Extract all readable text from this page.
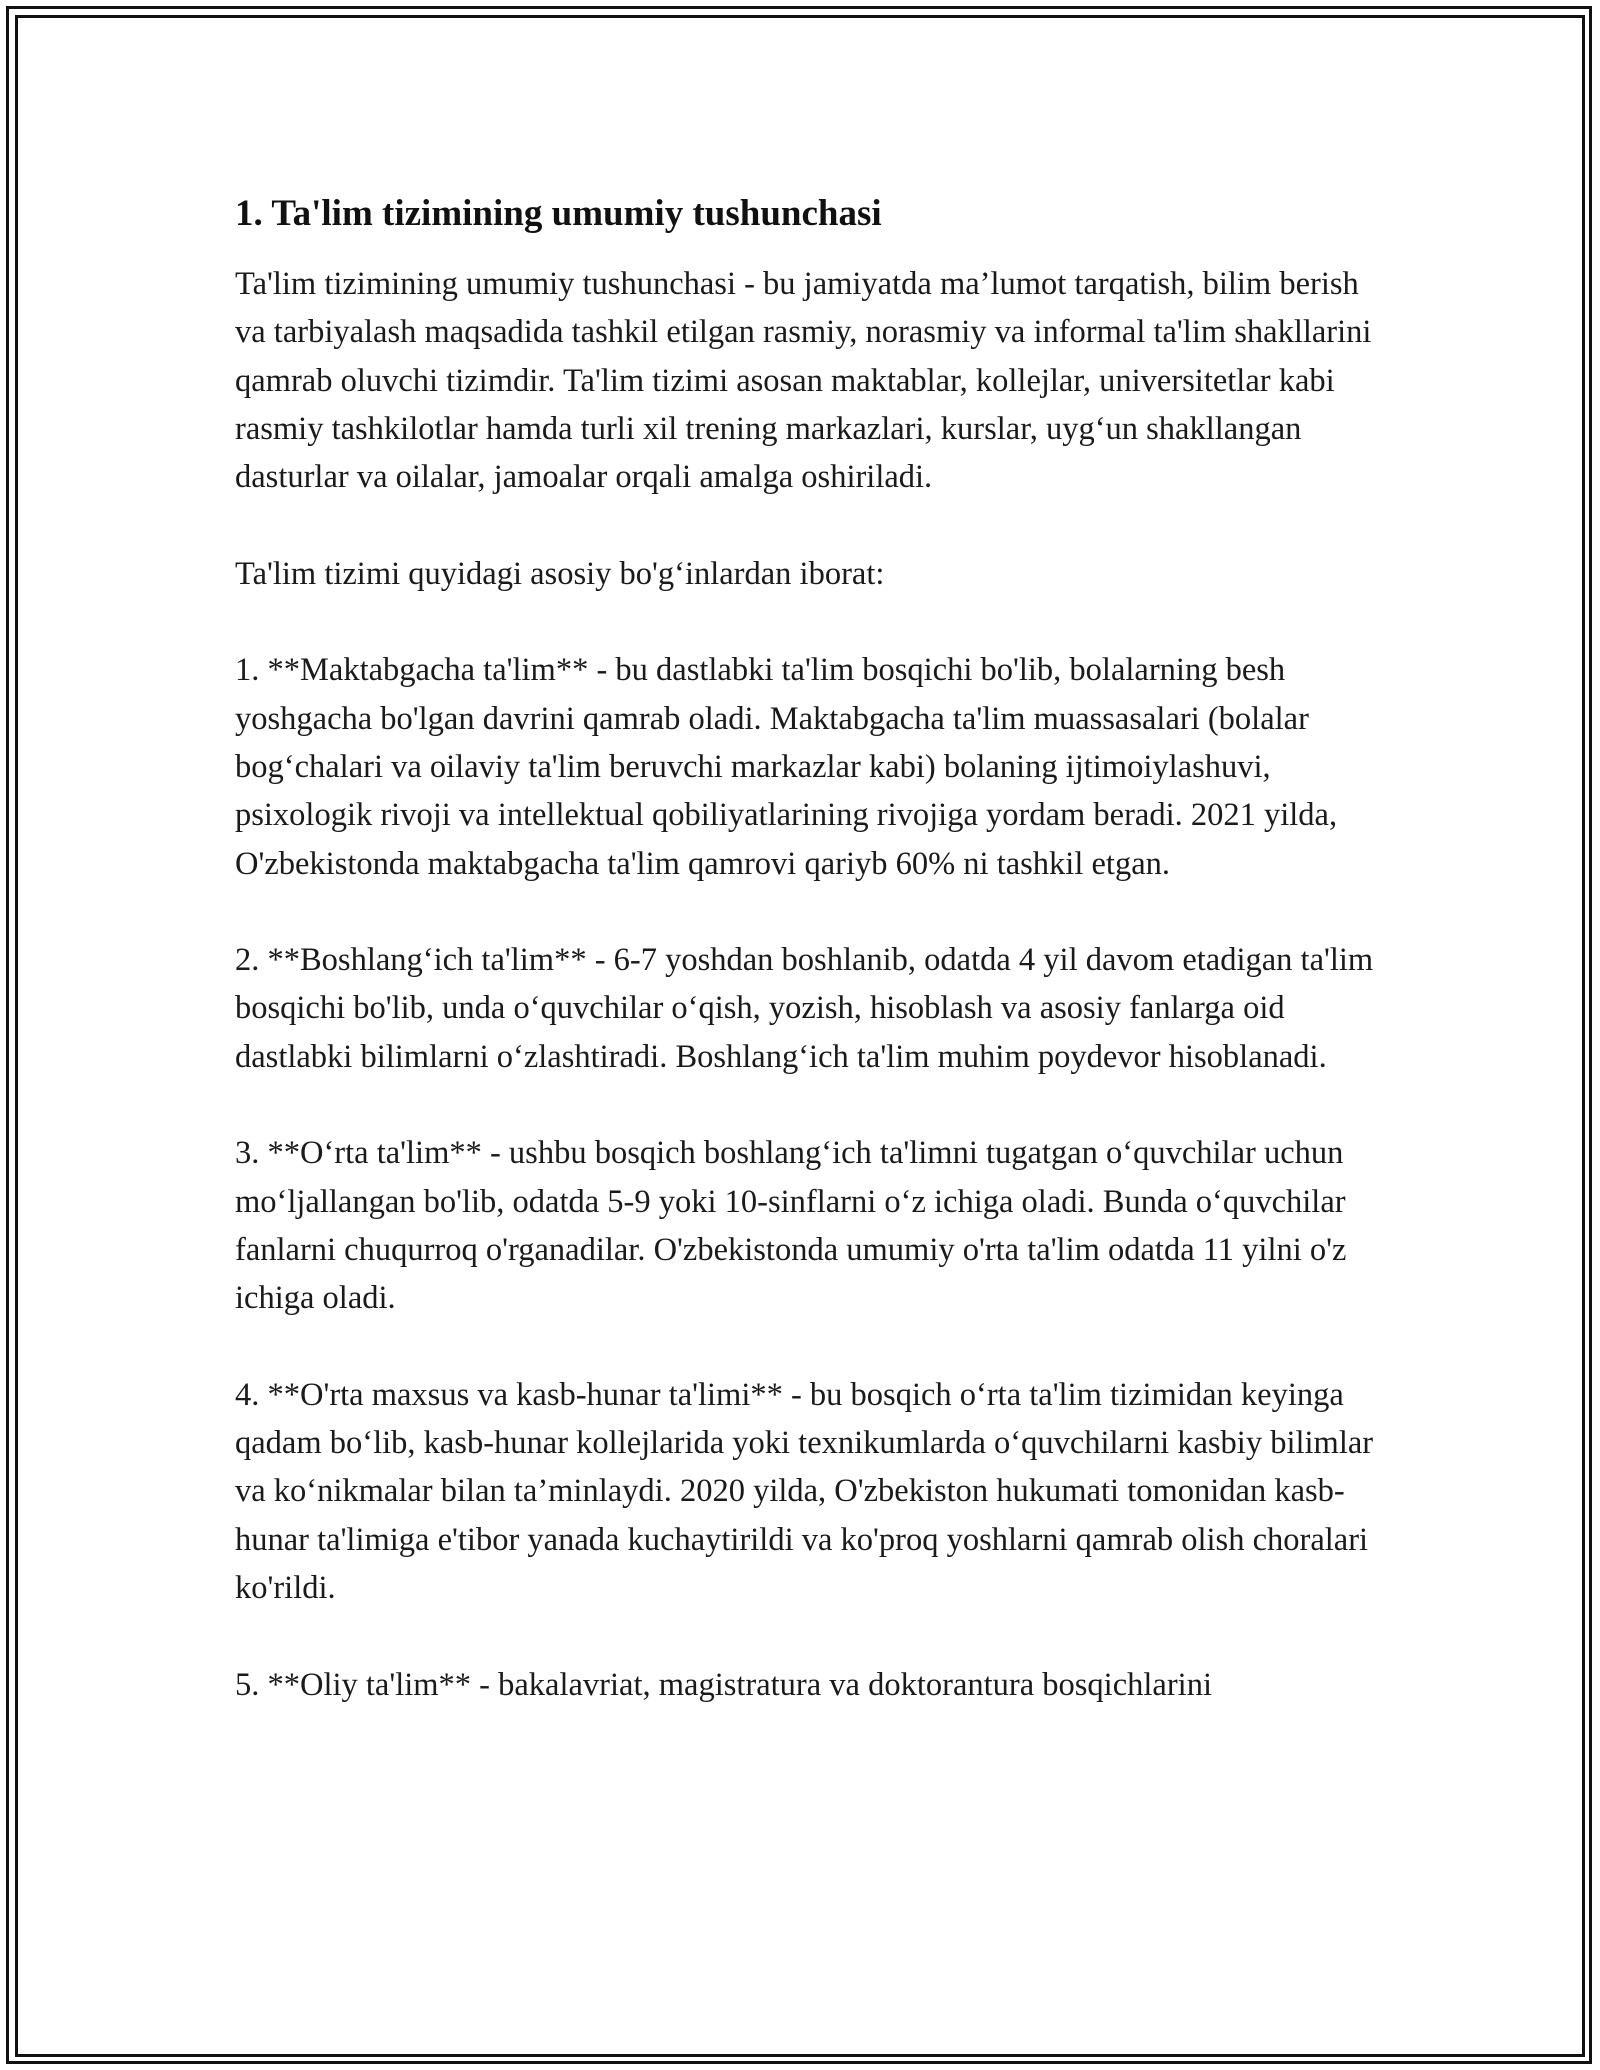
1. Ta'lim tizimining umumiy tushunchasi

Ta'lim tizimining umumiy tushunchasi - bu jamiyatda ma’lumot tarqatish, bilim berish va tarbiyalash maqsadida tashkil etilgan rasmiy, norasmiy va informal ta'lim shakllarini qamrab oluvchi tizimdir. Ta'lim tizimi asosan maktablar, kollejlar, universitetlar kabi rasmiy tashkilotlar hamda turli xil trening markazlari, kurslar, uyg‘un shakllangan dasturlar va oilalar, jamoalar orqali amalga oshiriladi.

Ta'lim tizimi quyidagi asosiy bo'g‘inlardan iborat:

1. **Maktabgacha ta'lim** - bu dastlabki ta'lim bosqichi bo'lib, bolalarning besh yoshgacha bo'lgan davrini qamrab oladi. Maktabgacha ta'lim muassasalari (bolalar bog‘chalari va oilaviy ta'lim beruvchi markazlar kabi) bolaning ijtimoiylashuvi, psixologik rivoji va intellektual qobiliyatlarining rivojiga yordam beradi. 2021 yilda, O'zbekistonda maktabgacha ta'lim qamrovi qariyb 60% ni tashkil etgan.

2. **Boshlang‘ich ta'lim** - 6-7 yoshdan boshlanib, odatda 4 yil davom etadigan ta'lim bosqichi bo'lib, unda o‘quvchilar o‘qish, yozish, hisoblash va asosiy fanlarga oid dastlabki bilimlarni o‘zlashtiradi. Boshlang‘ich ta'lim muhim poydevor hisoblanadi.

3. **O‘rta ta'lim** - ushbu bosqich boshlang‘ich ta'limni tugatgan o‘quvchilar uchun mo‘ljallangan bo'lib, odatda 5-9 yoki 10-sinflarni o‘z ichiga oladi. Bunda o‘quvchilar fanlarni chuqurroq o'rganadilar. O'zbekistonda umumiy o'rta ta'lim odatda 11 yilni o'z ichiga oladi.

4. **O'rta maxsus va kasb-hunar ta'limi** - bu bosqich o‘rta ta'lim tizimidan keyinga qadam bo‘lib, kasb-hunar kollejlarida yoki texnikumlarda o‘quvchilarni kasbiy bilimlar va ko‘nikmalar bilan ta’minlaydi. 2020 yilda, O'zbekiston hukumati tomonidan kasb-hunar ta'limiga e'tibor yanada kuchaytirildi va ko'proq yoshlarni qamrab olish choralari ko'rildi.

5. **Oliy ta'lim** - bakalavriat, magistratura va doktorantura bosqichlarini
